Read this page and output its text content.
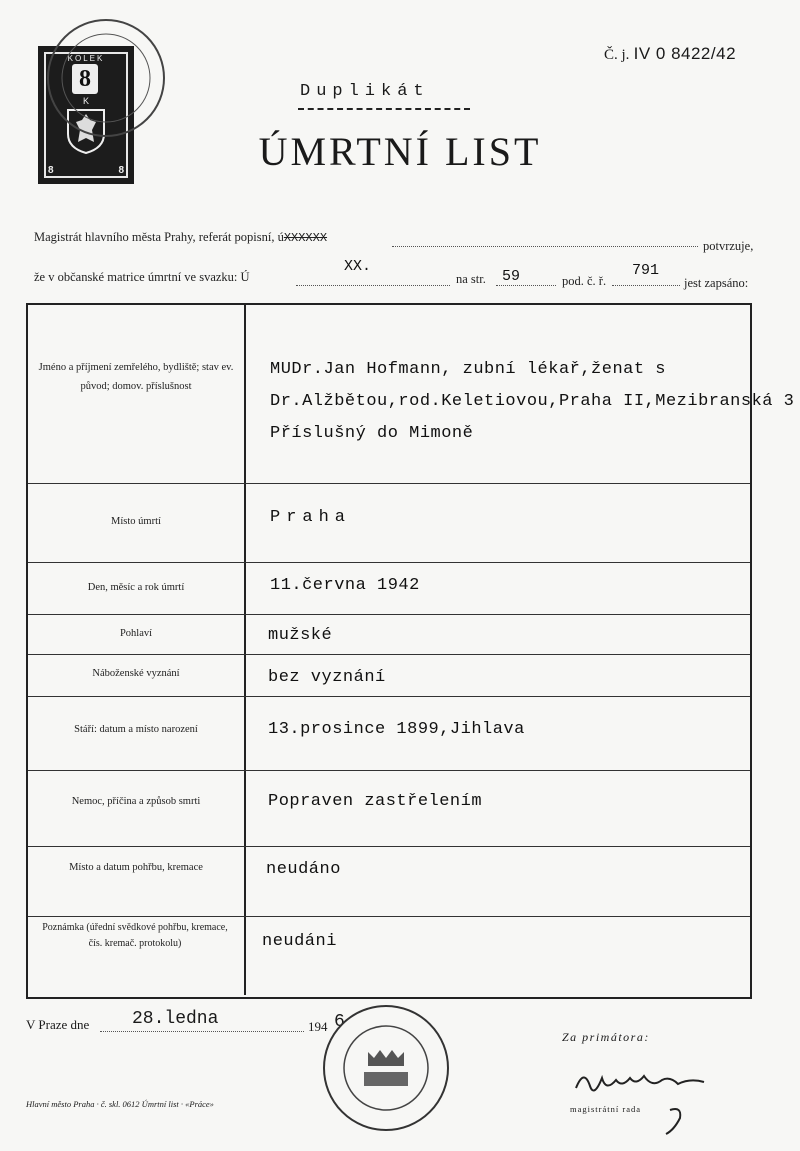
KOLEK
8
K
8	8
Č. j. IV 0 8422/42
Duplikát
ÚMRTNÍ LIST
Magistrát hlavního města Prahy, referát popisní, úXXXXXX
potvrzuje,
že v občanské matrice úmrtní ve svazku: Ú
XX.
na str. 59	pod. č. ř.
791
jest zapsáno:
Jméno a příjmení zemřelého, bydliště; stav ev. původ; domov. příslušnost
MUDr.Jan Hofmann, zubní lékař,ženat s
Dr.Alžbětou,rod.Keletiovou,Praha II,Mezibranská 3
Příslušný do Mimoně
Místo úmrtí	Praha
Den, měsíc a rok úmrtí	11.června 1942
Pohlaví	mužské
Náboženské vyznání	bez vyznání
Stáří: datum a místo narození	13.prosince 1899,Jihlava
Nemoc, příčina a způsob smrti	Popraven zastřelením
Místo a datum pohřbu, kremace	neudáno
Poznámka (úřední svědkové pohřbu, kremace, čís. kremač. protokolu)	neudáni
V Praze dne 28.ledna	194 6
Za primátora:
magistrátní rada
Hlavní město Praha · č. skl. 0612 Úmrtní list · «Práce»
